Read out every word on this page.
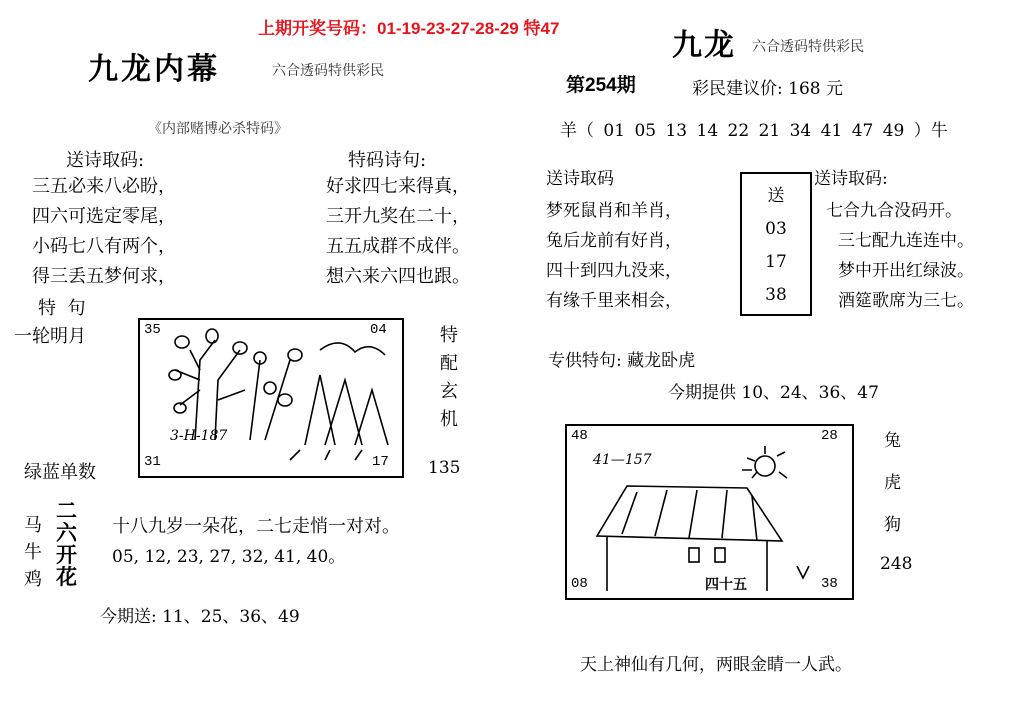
上期开奖号码：01-19-23-27-28-29 特47
九龙内幕	六合透码特供彩民
《内部赌博必杀特码》
送诗取码:

三五必来八必盼，

四六可选定零尾，

小码七八有两个，

得三丢五梦何求，

特码诗句:

好求四七来得真，

三开九奖在二十，

五五成群不成伴。

想六来六四也跟。

特  句
一轮明月	35	04
31	17
3-H-187
特
配
玄
机
绿蓝单数	135
马
牛
鸡
二
六
开
花
十八九岁一朵花，二七走悄一对对。
05, 12, 23, 27, 32, 41, 40。
今期送: 11、25、36、49
九龙 六合透码特供彩民
第254期	彩民建议价: 168 元
羊（ 01 05 13 14 22 21 34 41 47 49 ）牛
送诗取码

梦死鼠肖和羊肖，

兔后龙前有好肖，

四十到四九没来，

有缘千里来相会，

送
03
17
38
送诗取码:

七合九合没码开。

三七配九连连中。

梦中开出红绿波。

酒筵歌席为三七。

专供特句: 藏龙卧虎
今期提供 10、24、36、47
48	28
08	38
41—157
四十五
兔
虎
狗
248
天上神仙有几何，两眼金睛一人武。
